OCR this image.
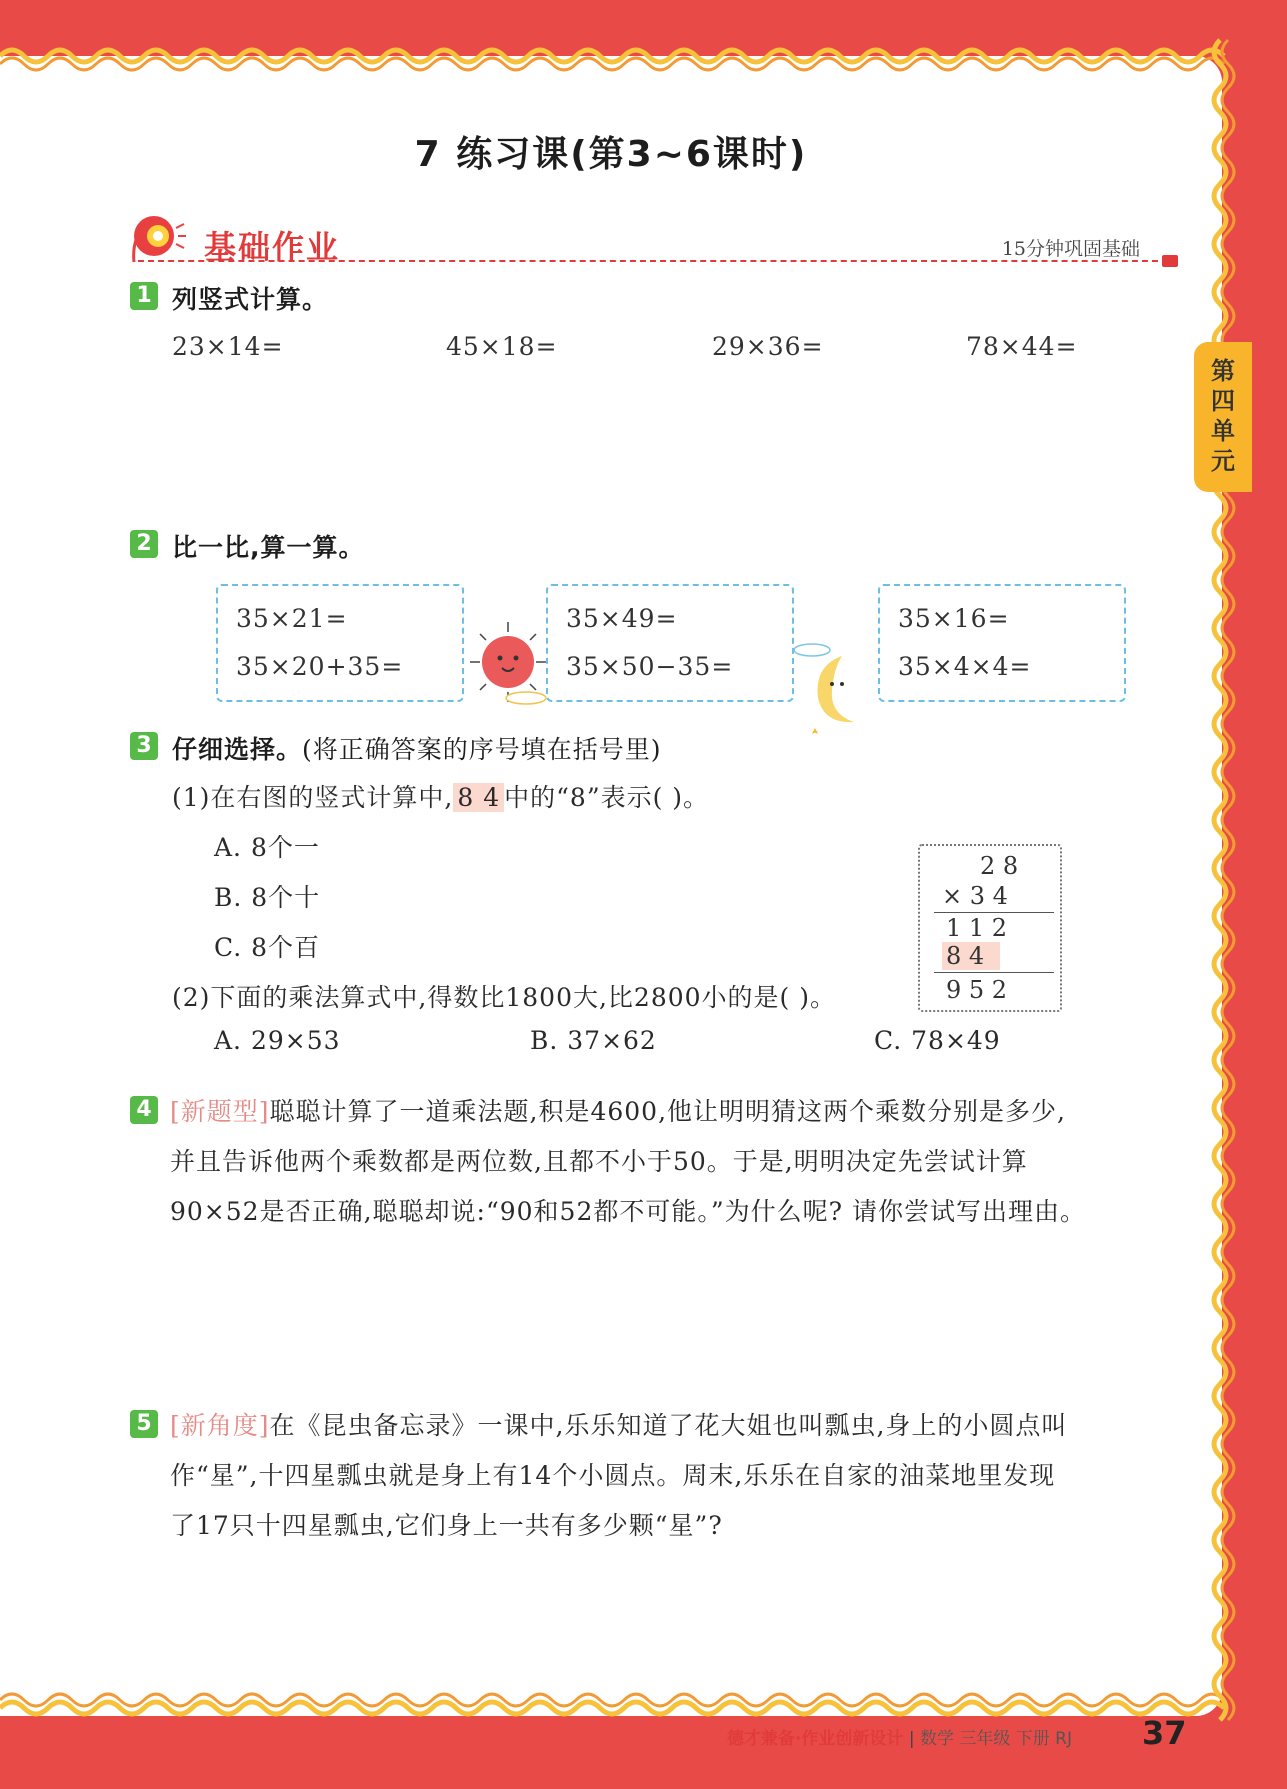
7 练习课(第3~6课时)
基础作业	15分钟巩固基础
1 列竖式计算。
23×14=	45×18=	29×36=	78×44=
2 比一比,算一算。
35×21=
35×20+35=
35×49=
35×50−35=
35×16=
35×4×4=
3 仔细选择。(将正确答案的序号填在括号里)
(1)在右图的竖式计算中, 8 4 中的“8”表示( )。
A. 8个一
B. 8个十
C. 8个百
2 8
× 3 4
1 1 2
8 4
9 5 2
(2)下面的乘法算式中,得数比1800大,比2800小的是( )。
A. 29×53	B. 37×62	C. 78×49
4 [新题型]聪聪计算了一道乘法题,积是4600,他让明明猜这两个乘数分别是多少,
并且告诉他两个乘数都是两位数,且都不小于50。于是,明明决定先尝试计算
90×52是否正确,聪聪却说:“90和52都不可能。”为什么呢? 请你尝试写出理由。
5 [新角度]在《昆虫备忘录》一课中,乐乐知道了花大姐也叫瓢虫,身上的小圆点叫
作“星”,十四星瓢虫就是身上有14个小圆点。周末,乐乐在自家的油菜地里发现
了17只十四星瓢虫,它们身上一共有多少颗“星”?
德才兼备·作业创新设计 | 数学 三年级 下册 RJ 37
第四单元
